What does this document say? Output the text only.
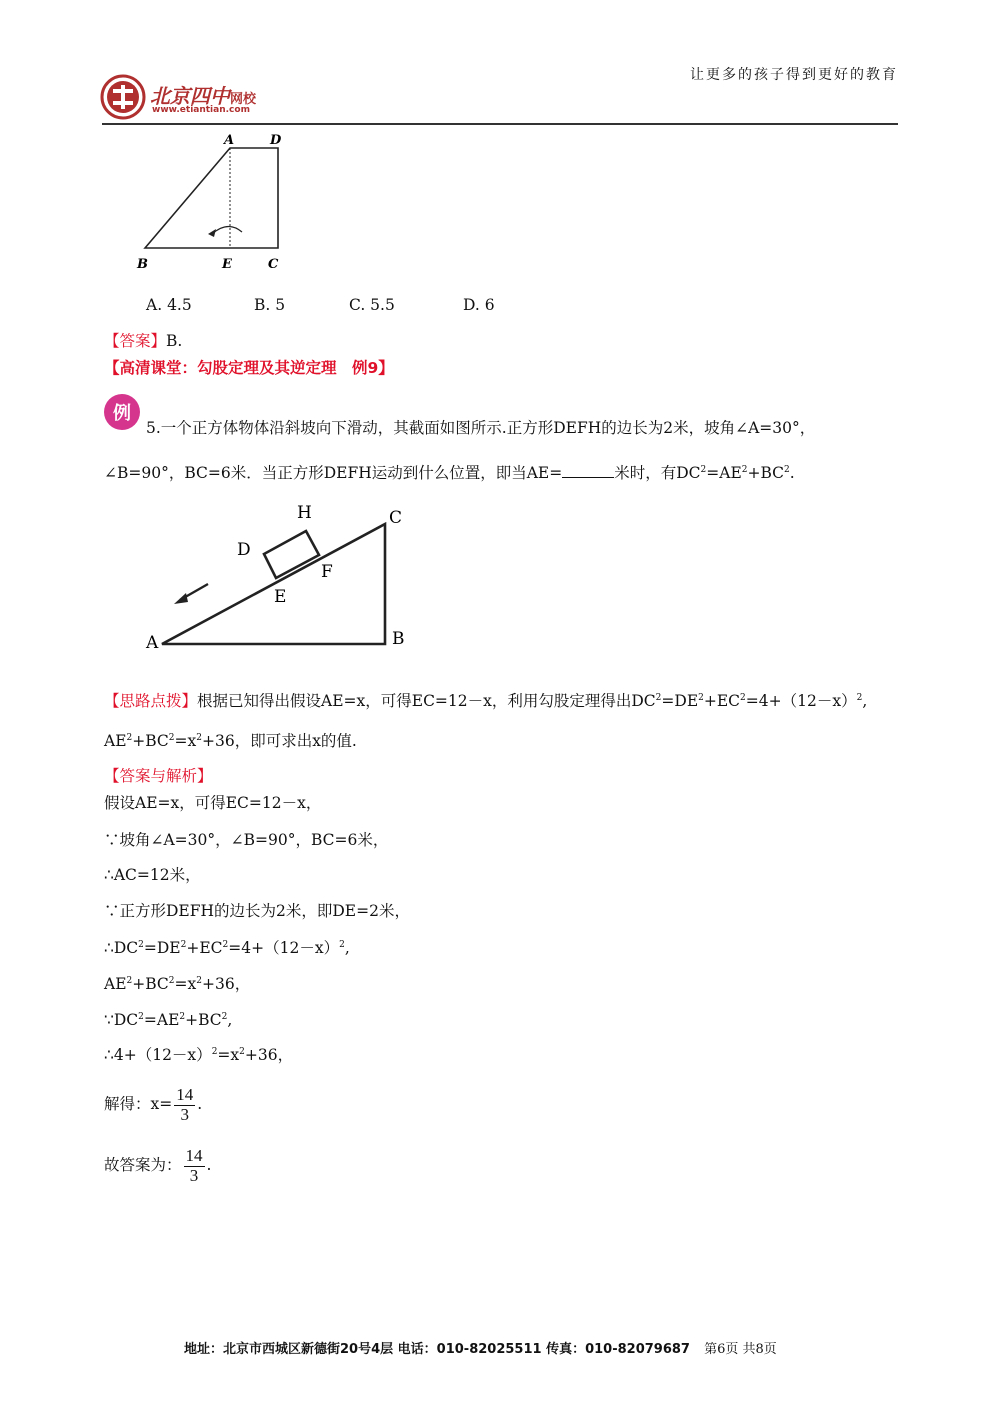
北京四中网校
www.etiantian.com
让更多的孩子得到更好的教育
A	D
B	E	C
A. 4.5	B. 5	C. 5.5	D. 6
【答案】B.
【高清课堂：勾股定理及其逆定理　例9】
例
5.一个正方体物体沿斜坡向下滑动，其截面如图所示.正方形DEFH的边长为2米，坡角∠A=30°，
∠B=90°，BC=6米．当正方形DEFH运动到什么位置，即当AE=	米时，有$DC^2=AE^2+BC^2$.
H	C
D
F
E
A	B
【思路点拨】根据已知得出假设AE=x，可得EC=12－x，利用勾股定理得出$DC^2=DE^2+EC^2=4+(12-x)^2$,
$AE^2+BC^2=x^2+36$，即可求出x的值.
【答案与解析】
假设AE=x，可得EC=12－x，
∵坡角∠A=30°，∠B=90°，BC=6米，
∴AC=12米，
∵正方形DEFH的边长为2米，即DE=2米，
$\therefore DC^2=DE^2+EC^2=4+(12-x)^2$,
$AE^2+BC^2=x^2+36$，
$\because DC^2=AE^2+BC^2$,
$\therefore 4+(12-x)^2=x^2+36$，
解得：$x= \frac{14}{3}$ .
故答案为： $\frac{14}{3}$ .
地址：北京市西城区新德街20号4层 电话：010-82025511 传真：010-82079687 第6页 共8页
